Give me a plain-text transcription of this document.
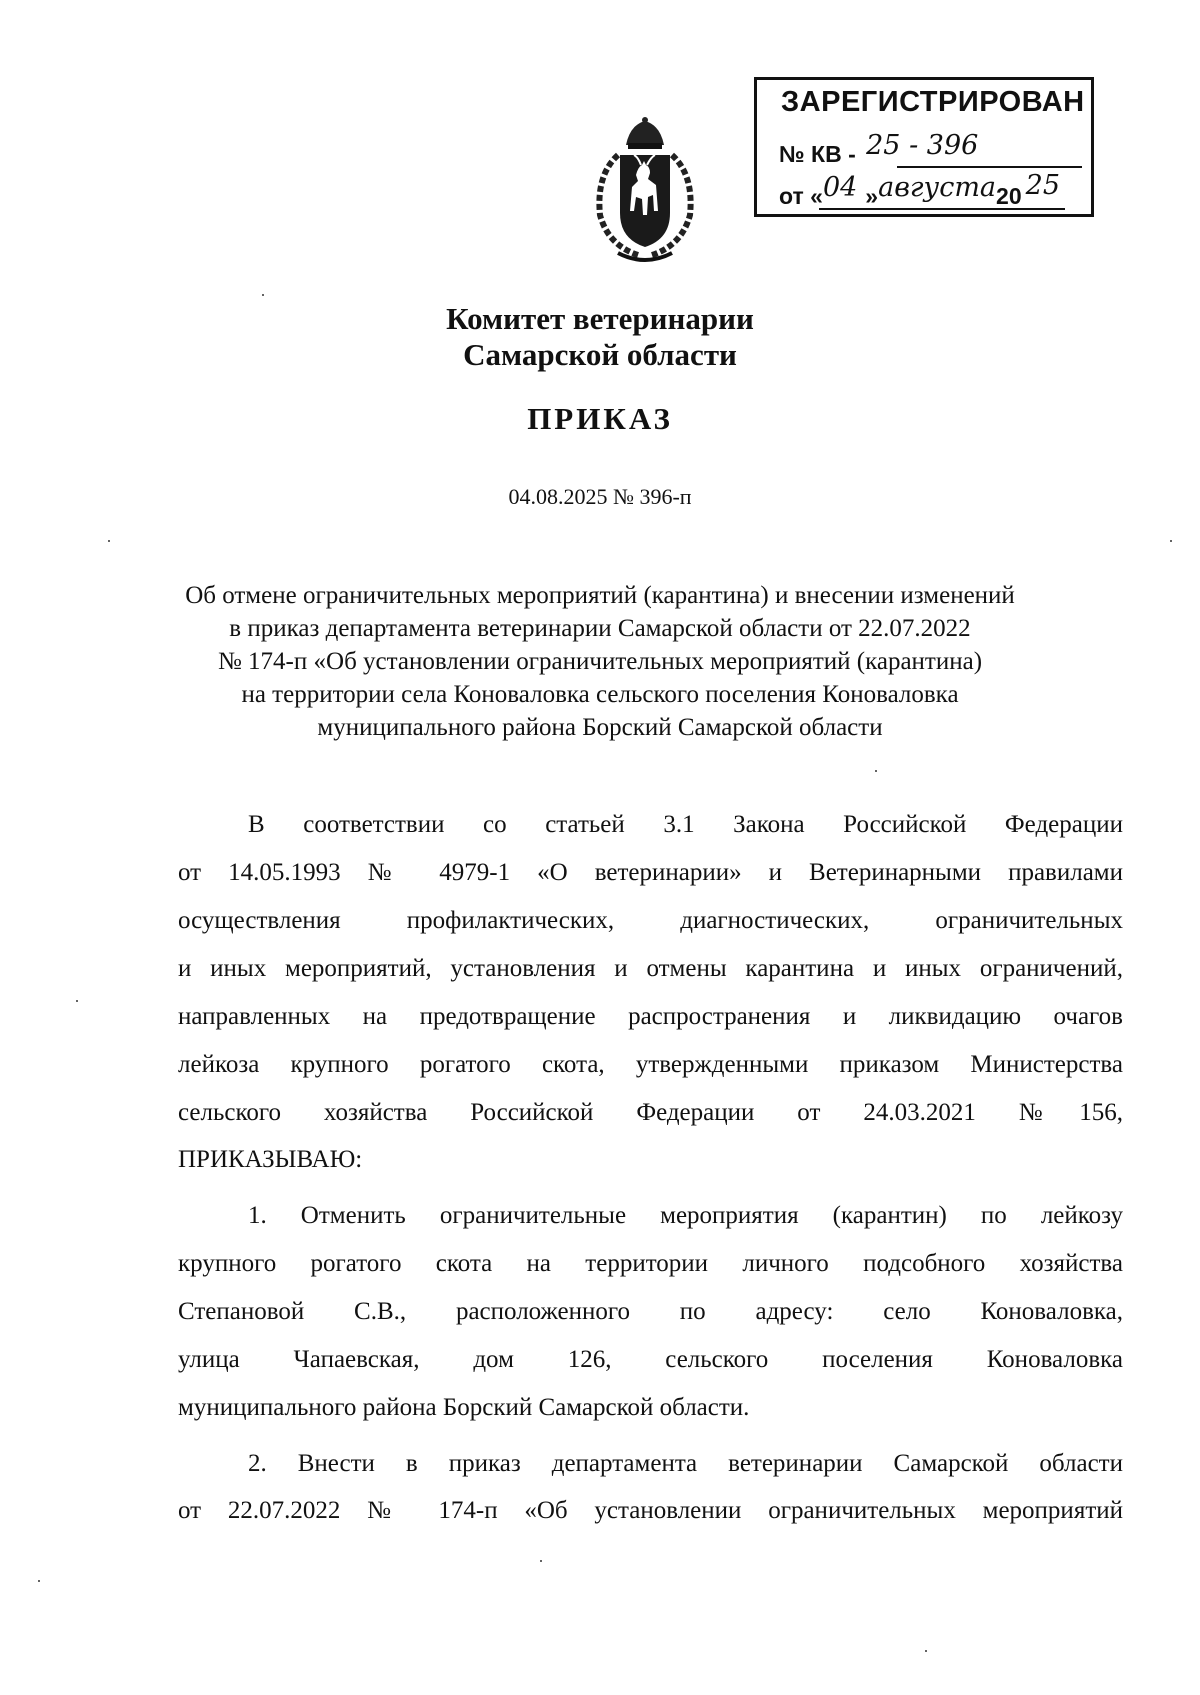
ЗАРЕГИСТРИРОВАН
№ КВ - 25 - 396
от «04 »августа20 25
Комитет ветеринарии
Самарской области
ПРИКАЗ
04.08.2025 № 396-п
Об отмене ограничительных мероприятий (карантина) и внесении изменений
в приказ департамента ветеринарии Самарской области от 22.07.2022
№ 174-п «Об установлении ограничительных мероприятий (карантина)
на территории села Коноваловка сельского поселения Коноваловка
муниципального района Борский Самарской области
В соответствии со статьей 3.1 Закона Российской Федерации
от 14.05.1993 № 4979-1 «О ветеринарии» и Ветеринарными правилами
осуществления профилактических, диагностических, ограничительных
и иных мероприятий, установления и отмены карантина и иных ограничений,
направленных на предотвращение распространения и ликвидацию очагов
лейкоза крупного рогатого скота, утвержденными приказом Министерства
сельского хозяйства Российской Федерации от 24.03.2021 №156,
ПРИКАЗЫВАЮ:
1. Отменить ограничительные мероприятия (карантин) по лейкозу
крупного рогатого скота на территории личного подсобного хозяйства
Степановой С.В., расположенного по адресу: село Коноваловка,
улица Чапаевская, дом 126, сельского поселения Коноваловка
муниципального района Борский Самарской области.
2. Внести в приказ департамента ветеринарии Самарской области
от 22.07.2022 № 174-п «Об установлении ограничительных мероприятий
